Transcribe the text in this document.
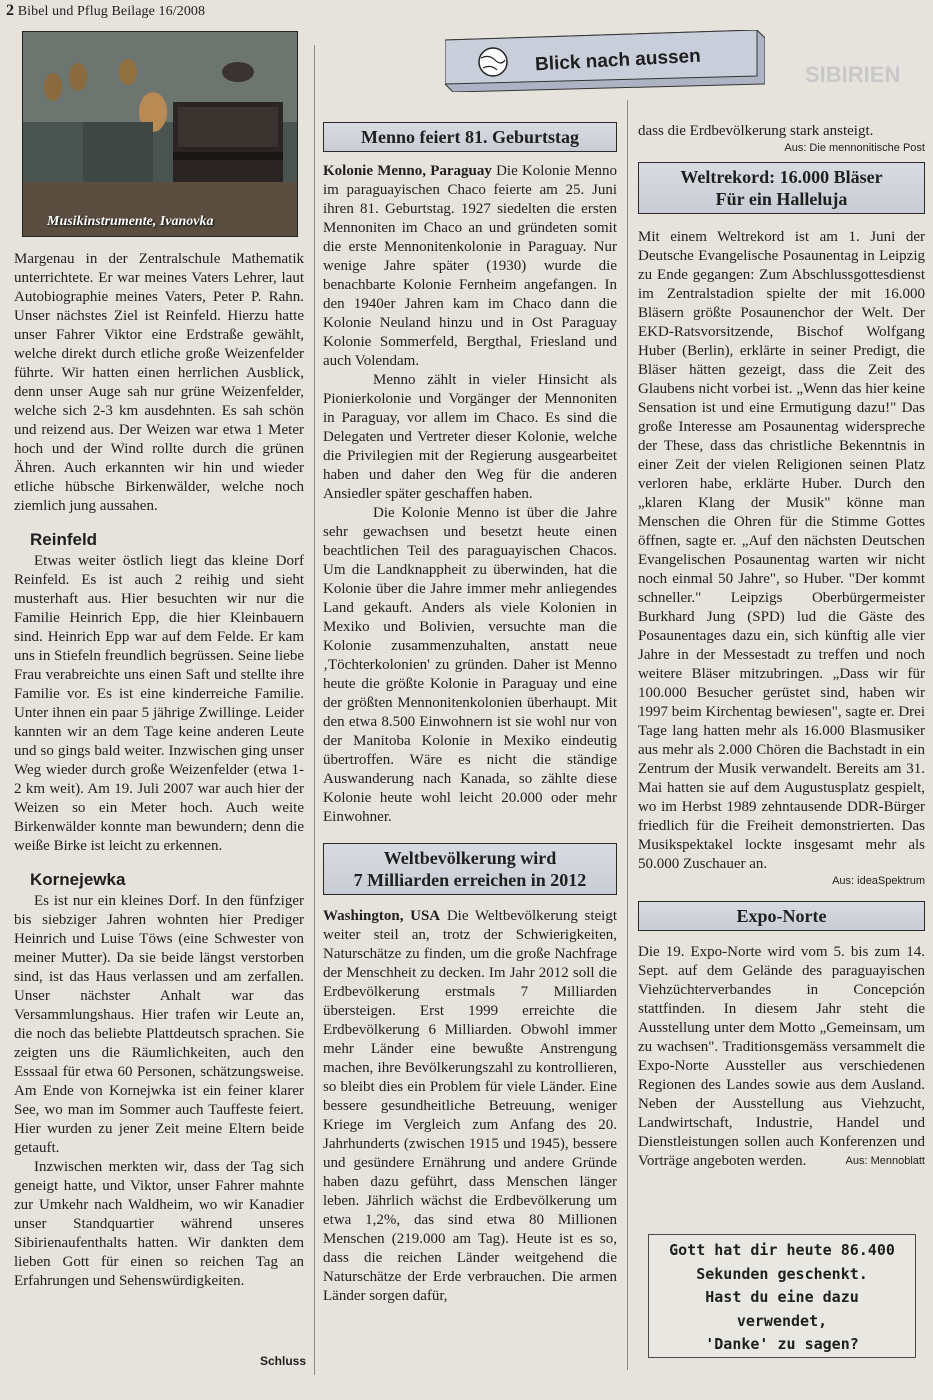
2 Bibel und Pflug Beilage 16/2008
Musikinstrumente, Ivanovka
Blick nach aussen	SIBIRIEN

Margenau in der Zentralschule Mathematik unterrichtete. Er war meines Vaters Lehrer, laut Autobiographie meines Vaters, Peter P. Rahn. Unser nächstes Ziel ist Reinfeld. Hierzu hatte unser Fahrer Viktor eine Erdstraße gewählt, welche direkt durch etliche große Weizenfelder führte. Wir hatten einen herrlichen Ausblick, denn unser Auge sah nur grüne Weizenfelder, welche sich 2-3 km ausdehnten. Es sah schön und reizend aus. Der Weizen war etwa 1 Meter hoch und der Wind rollte durch die grünen Ähren. Auch erkannten wir hin und wieder etliche hübsche Birkenwälder, welche noch ziemlich jung aussahen.

Reinfeld

Etwas weiter östlich liegt das kleine Dorf Reinfeld. Es ist auch 2 reihig und sieht musterhaft aus. Hier besuchten wir nur die Familie Heinrich Epp, die hier Kleinbauern sind. Heinrich Epp war auf dem Felde. Er kam uns in Stiefeln freundlich begrüssen. Seine liebe Frau verabreichte uns einen Saft und stellte ihre Familie vor. Es ist eine kinderreiche Familie. Unter ihnen ein paar 5 jährige Zwillinge. Leider kannten wir an dem Tage keine anderen Leute und so gings bald weiter. Inzwischen ging unser Weg wieder durch große Weizenfelder (etwa 1-2 km weit). Am 19. Juli 2007 war auch hier der Weizen so ein Meter hoch. Auch weite Birkenwälder konnte man bewundern; denn die weiße Birke ist leicht zu erkennen.

Kornejewka

Es ist nur ein kleines Dorf. In den fünfziger bis siebziger Jahren wohnten hier Prediger Heinrich und Luise Töws (eine Schwester von meiner Mutter). Da sie beide längst verstorben sind, ist das Haus verlassen und am zerfallen. Unser nächster Anhalt war das Versammlungshaus. Hier trafen wir Leute an, die noch das beliebte Plattdeutsch sprachen. Sie zeigten uns die Räumlichkeiten, auch den Esssaal für etwa 60 Personen, schätzungsweise. Am Ende von Kornejwka ist ein feiner klarer See, wo man im Sommer auch Tauffeste feiert. Hier wurden zu jener Zeit meine Eltern beide getauft.

Inzwischen merkten wir, dass der Tag sich geneigt hatte, und Viktor, unser Fahrer mahnte zur Umkehr nach Waldheim, wo wir Kanadier unser Standquartier während unseres Sibirienaufenthalts hatten. Wir dankten dem lieben Gott für einen so reichen Tag an Erfahrungen und Sehenswürdigkeiten.

Schluss
Menno feiert 81. Geburtstag

Kolonie Menno, Paraguay Die Kolonie Menno im paraguayischen Chaco feierte am 25. Juni ihren 81. Geburtstag. 1927 siedelten die ersten Mennoniten im Chaco an und gründeten somit die erste Mennonitenkolonie in Paraguay. Nur wenige Jahre später (1930) wurde die benachbarte Kolonie Fernheim angefangen. In den 1940er Jahren kam im Chaco dann die Kolonie Neuland hinzu und in Ost Paraguay Kolonie Sommerfeld, Bergthal, Friesland und auch Volendam.

Menno zählt in vieler Hinsicht als Pionierkolonie und Vorgänger der Mennoniten in Paraguay, vor allem im Chaco. Es sind die Delegaten und Vertreter dieser Kolonie, welche die Privilegien mit der Regierung ausgearbeitet haben und daher den Weg für die anderen Ansiedler später geschaffen haben.

Die Kolonie Menno ist über die Jahre sehr gewachsen und besetzt heute einen beachtlichen Teil des paraguayischen Chacos. Um die Landknappheit zu überwinden, hat die Kolonie über die Jahre immer mehr anliegendes Land gekauft. Anders als viele Kolonien in Mexiko und Bolivien, versuchte man die Kolonie zusammenzuhalten, anstatt neue ‚Töchterkolonien' zu gründen. Daher ist Menno heute die größte Kolonie in Paraguay und eine der größten Mennonitenkolonien überhaupt. Mit den etwa 8.500 Einwohnern ist sie wohl nur von der Manitoba Kolonie in Mexiko eindeutig übertroffen. Wäre es nicht die ständige Auswanderung nach Kanada, so zählte diese Kolonie heute wohl leicht 20.000 oder mehr Einwohner.

Weltbevölkerung wird
7 Milliarden erreichen in 2012

Washington, USA Die Weltbevölkerung steigt weiter steil an, trotz der Schwierigkeiten, Naturschätze zu finden, um die große Nachfrage der Menschheit zu decken. Im Jahr 2012 soll die Erdbevölkerung erstmals 7 Milliarden übersteigen. Erst 1999 erreichte die Erdbevölkerung 6 Milliarden. Obwohl immer mehr Länder eine bewußte Anstrengung machen, ihre Bevölkerungszahl zu kontrollieren, so bleibt dies ein Problem für viele Länder. Eine bessere gesundheitliche Betreuung, weniger Kriege im Vergleich zum Anfang des 20. Jahrhunderts (zwischen 1915 und 1945), bessere und gesündere Ernährung und andere Gründe haben dazu geführt, dass Menschen länger leben. Jährlich wächst die Erdbevölkerung um etwa 1,2%, das sind etwa 80 Millionen Menschen (219.000 am Tag). Heute ist es so, dass die reichen Länder weitgehend die Naturschätze der Erde verbrauchen. Die armen Länder sorgen dafür,

dass die Erdbevölkerung stark ansteigt.

Aus: Die mennonitische Post
Weltrekord: 16.000 Bläser
Für ein Halleluja

Mit einem Weltrekord ist am 1. Juni der Deutsche Evangelische Posaunentag in Leipzig zu Ende gegangen: Zum Abschlussgottesdienst im Zentralstadion spielte der mit 16.000 Bläsern größte Posaunenchor der Welt. Der EKD-Ratsvorsitzende, Bischof Wolfgang Huber (Berlin), erklärte in seiner Predigt, die Bläser hätten gezeigt, dass die Zeit des Glaubens nicht vorbei ist. „Wenn das hier keine Sensation ist und eine Ermutigung dazu!" Das große Interesse am Posaunentag widerspreche der These, dass das christliche Bekenntnis in einer Zeit der vielen Religionen seinen Platz verloren habe, erklärte Huber. Durch den „klaren Klang der Musik" könne man Menschen die Ohren für die Stimme Gottes öffnen, sagte er. „Auf den nächsten Deutschen Evangelischen Posaunentag warten wir nicht noch einmal 50 Jahre", so Huber. "Der kommt schneller." Leipzigs Oberbürgermeister Burkhard Jung (SPD) lud die Gäste des Posaunentages dazu ein, sich künftig alle vier Jahre in der Messestadt zu treffen und noch weitere Bläser mitzubringen. „Dass wir für 100.000 Besucher gerüstet sind, haben wir 1997 beim Kirchentag bewiesen", sagte er. Drei Tage lang hatten mehr als 16.000 Blasmusiker aus mehr als 2.000 Chören die Bachstadt in ein Zentrum der Musik verwandelt. Bereits am 31. Mai hatten sie auf dem Augustusplatz gespielt, wo im Herbst 1989 zehntausende DDR-Bürger friedlich für die Freiheit demonstrierten. Das Musikspektakel lockte insgesamt mehr als 50.000 Zuschauer an.

Aus: ideaSpektrum
Expo-Norte

Die 19. Expo-Norte wird vom 5. bis zum 14. Sept. auf dem Gelände des paraguayischen Viehzüchterverbandes in Concepción stattfinden. In diesem Jahr steht die Ausstellung unter dem Motto „Gemeinsam, um zu wachsen". Traditionsgemäss versammelt die Expo-Norte Aussteller aus verschiedenen Regionen des Landes sowie aus dem Ausland. Neben der Ausstellung aus Viehzucht, Landwirtschaft, Industrie, Handel und Dienstleistungen sollen auch Konferenzen und Vorträge angeboten werden.	Aus: Mennoblatt
Gott hat dir heute 86.400
Sekunden geschenkt.
Hast du eine dazu
verwendet,
'Danke' zu sagen?
